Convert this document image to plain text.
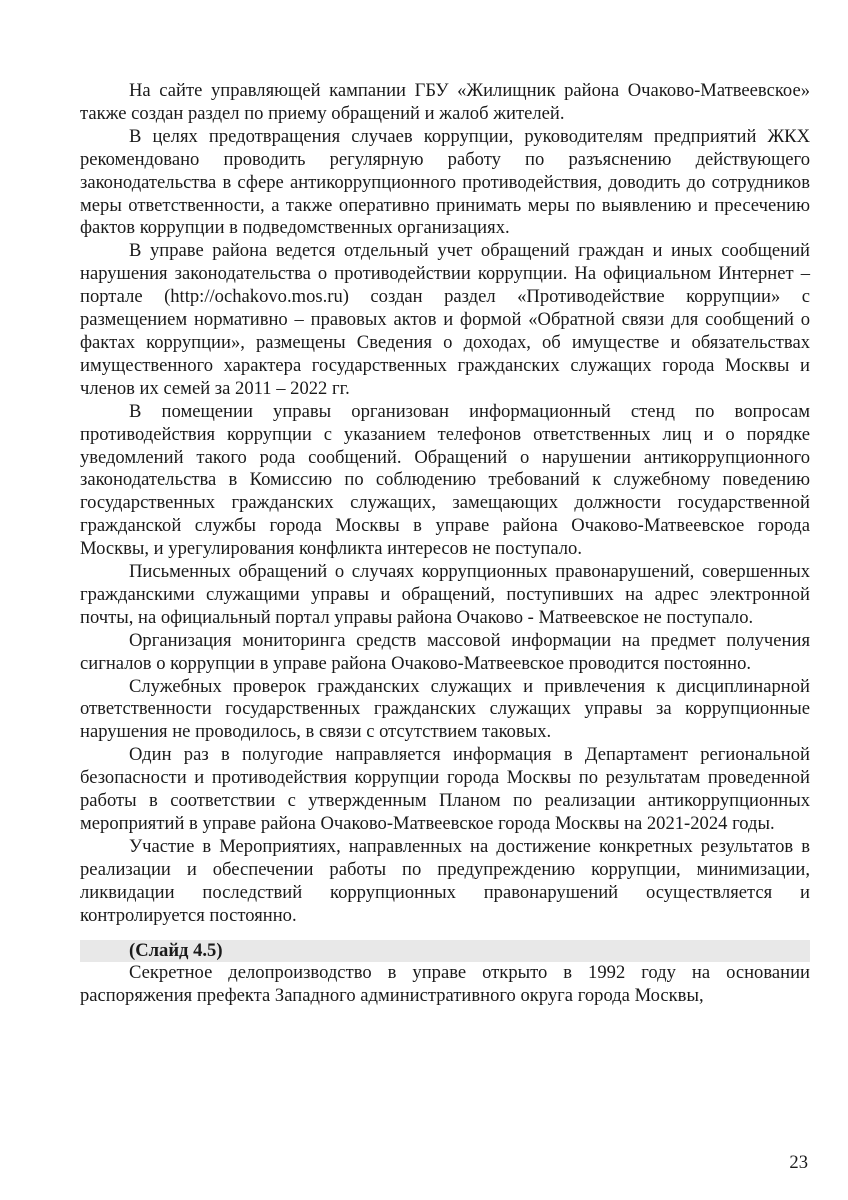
На сайте управляющей кампании ГБУ «Жилищник района Очаково-Матвеевское» также создан раздел по приему обращений и жалоб жителей.

В целях предотвращения случаев коррупции, руководителям предприятий ЖКХ рекомендовано проводить регулярную работу по разъяснению действующего законодательства в сфере антикоррупционного противодействия, доводить до сотрудников меры ответственности, а также оперативно принимать меры по выявлению и пресечению фактов коррупции в подведомственных организациях.

В управе района ведется отдельный учет обращений граждан и иных сообщений нарушения законодательства о противодействии коррупции. На официальном Интернет – портале (http://ochakovo.mos.ru) создан раздел «Противодействие коррупции» с размещением нормативно – правовых актов и формой «Обратной связи для сообщений о фактах коррупции», размещены Сведения о доходах, об имуществе и обязательствах имущественного характера государственных гражданских служащих города Москвы и членов их семей за 2011 – 2022 гг.

В помещении управы организован информационный стенд по вопросам противодействия коррупции с указанием телефонов ответственных лиц и о порядке уведомлений такого рода сообщений. Обращений о нарушении антикоррупционного законодательства в Комиссию по соблюдению требований к служебному поведению государственных гражданских служащих, замещающих должности государственной гражданской службы города Москвы в управе района Очаково-Матвеевское города Москвы, и урегулирования конфликта интересов не поступало.

Письменных обращений о случаях коррупционных правонарушений, совершенных гражданскими служащими управы и обращений, поступивших на адрес электронной почты, на официальный портал управы района Очаково - Матвеевское не поступало.

Организация мониторинга средств массовой информации на предмет получения сигналов о коррупции в управе района Очаково-Матвеевское проводится постоянно.

Служебных проверок гражданских служащих и привлечения к дисциплинарной ответственности государственных гражданских служащих управы за коррупционные нарушения не проводилось, в связи с отсутствием таковых.

Один раз в полугодие направляется информация в Департамент региональной безопасности и противодействия коррупции города Москвы по результатам проведенной работы в соответствии с утвержденным Планом по реализации антикоррупционных мероприятий в управе района Очаково-Матвеевское города Москвы на 2021-2024 годы.

Участие в Мероприятиях, направленных на достижение конкретных результатов в реализации и обеспечении работы по предупреждению коррупции, минимизации, ликвидации последствий коррупционных правонарушений осуществляется и контролируется постоянно.

(Слайд 4.5)

Секретное делопроизводство в управе открыто в 1992 году на основании распоряжения префекта Западного административного округа города Москвы,

23
